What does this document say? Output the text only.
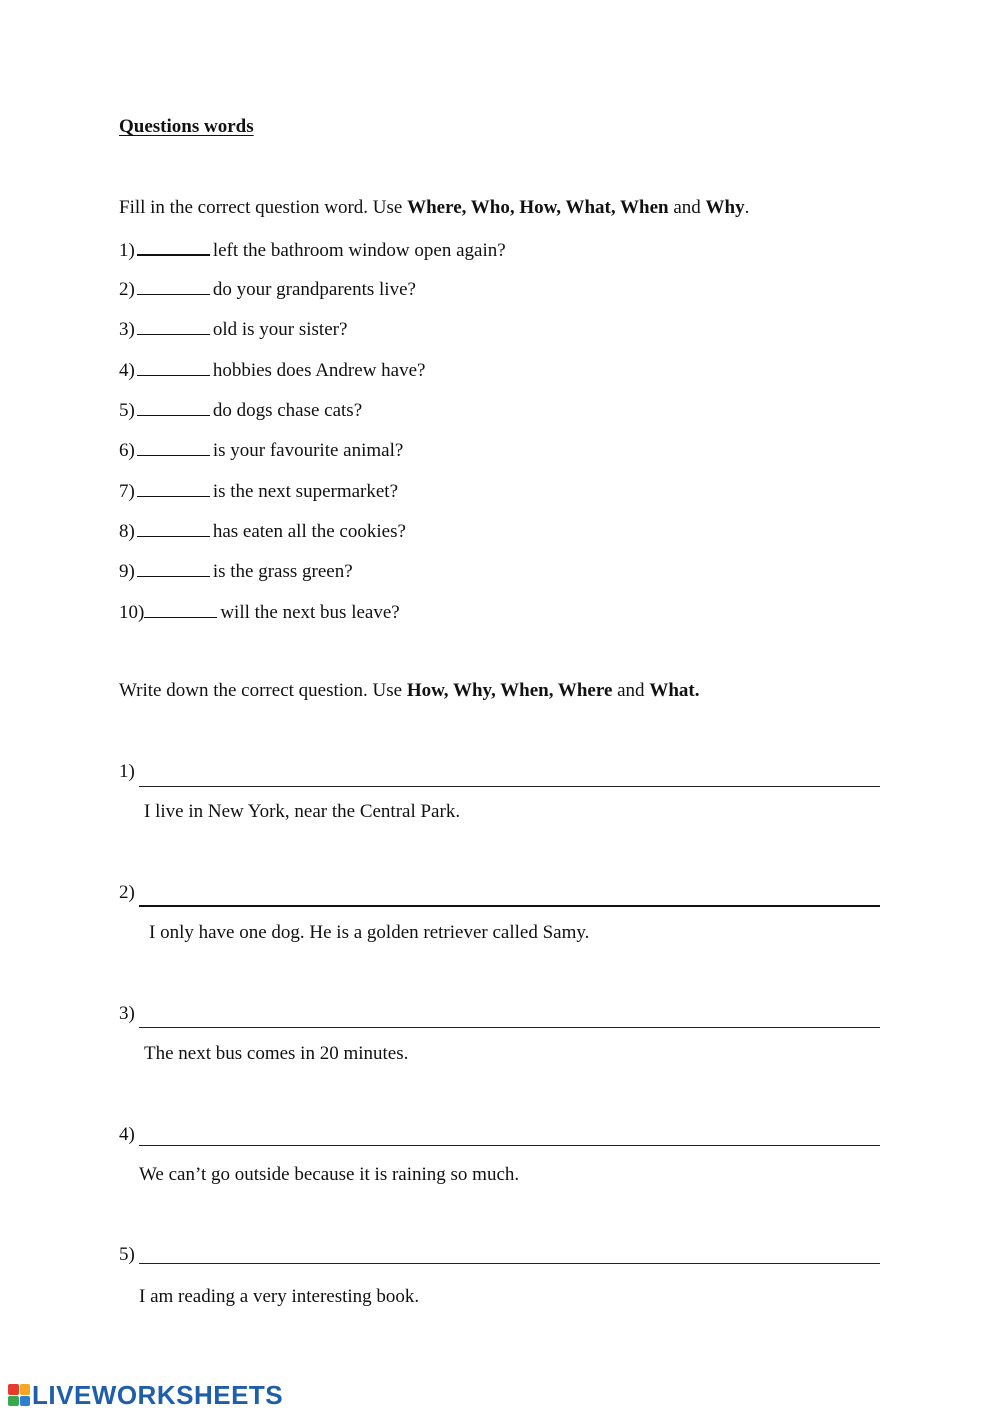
Questions words
Fill in the correct question word. Use Where, Who, How, What, When and Why.
1)	left the bathroom window open again?
2)	do your grandparents live?
3)	old is your sister?
4)	hobbies does Andrew have?
5)	do dogs chase cats?
6)	is your favourite animal?
7)	is the next supermarket?
8)	has eaten all the cookies?
9)	is the grass green?
10)	will the next bus leave?
Write down the correct question. Use How, Why, When, Where and What.
1)
I live in New York, near the Central Park.
2)
I only have one dog. He is a golden retriever called Samy.
3)
The next bus comes in 20 minutes.
4)
We can’t go outside because it is raining so much.
5)
I am reading a very interesting book.
LIVEWORKSHEETS
